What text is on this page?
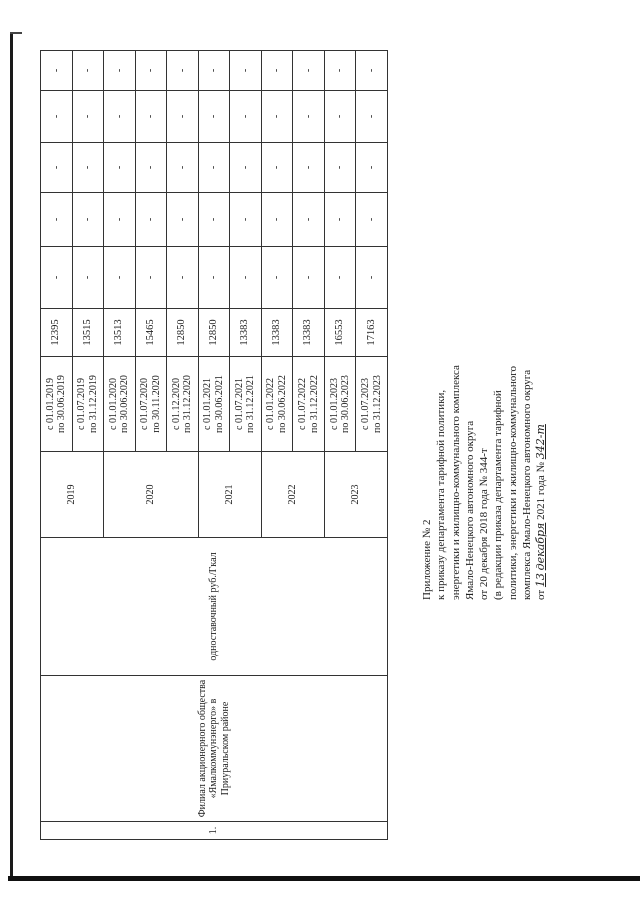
1.	Филиал акционерного общества «Ямалкоммунэнерго» в Приуральском районе	одноставочный руб./Гкал	2019	с 01.01.2019 по 30.06.2019	12395	-	-	-	-	-

				с 01.07.2019 по 31.12.2019	13515	-	-	-	-	-
			2020	с 01.01.2020 по 30.06.2020	13513	-	-	-	-	-

				с 01.07.2020 по 30.11.2020	15465	-	-	-	-	-

				с 01.12.2020 по 31.12.2020	12850	-	-	-	-	-
			2021	с 01.01.2021 по 30.06.2021	12850	-	-	-	-	-

				с 01.07.2021 по 31.12.2021	13383	-	-	-	-	-
			2022	с 01.01.2022 по 30.06.2022	13383	-	-	-	-	-

				с 01.07.2022 по 31.12.2022	13383	-	-	-	-	-
			2023	с 01.01.2023 по 30.06.2023	16553	-	-	-	-	-

				с 01.07.2023 по 31.12.2023	17163	-	-	-	-	-
Приложение № 2 к приказу департамента тарифной политики, энергетики и жилищно-коммунального комплекса Ямало-Ненецкого автономного округа от 20 декабря 2018 года № 344-т (в редакции приказа департамента тарифной политики, энергетики и жилищно-коммунального комплекса Ямало-Ненецкого автономного округа от 13 декабря 2021 года № 342-т
